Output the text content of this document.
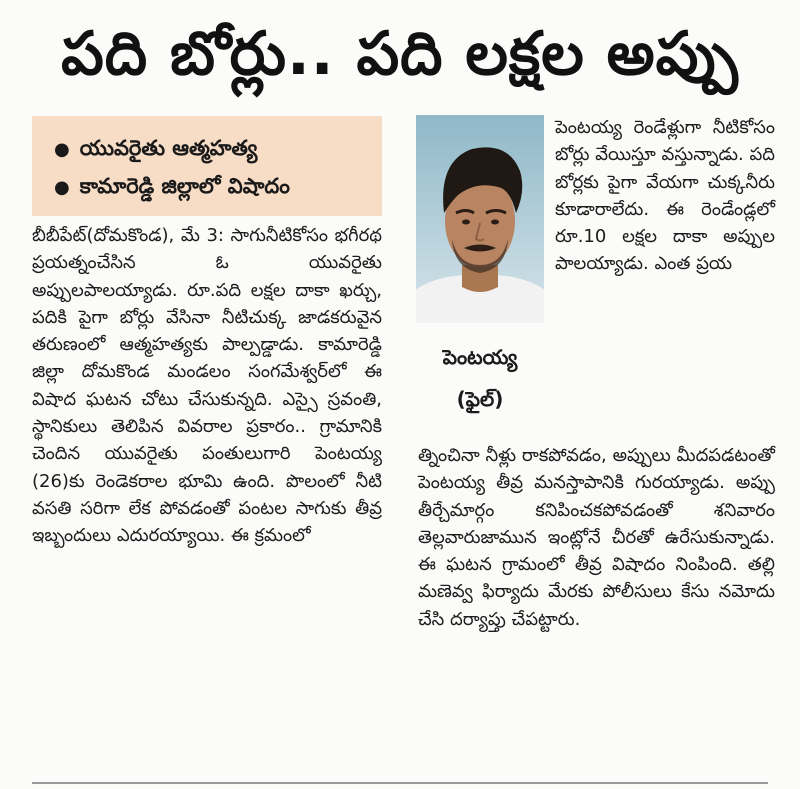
పది బోర్లు.. పది లక్షల అప్పు
● యువరైతు ఆత్మహత్య
● కామారెడ్డి జిల్లాలో విషాదం
బీబీపేట్(దోమకొండ), మే 3: సాగునీటికోసం భగీరథ ప్రయత్నంచేసిన ఓ యువరైతు అప్పులపాలయ్యాడు. రూ.పది లక్షల దాకా ఖర్చు, పదికి పైగా బోర్లు వేసినా నీటిచుక్క జాడకరువైన తరుణంలో ఆత్మహత్యకు పాల్పడ్డాడు. కామారెడ్డి జిల్లా దోమకొండ మండలం సంగమేశ్వర్‌లో ఈ విషాద ఘటన చోటు చేసుకున్నది. ఎస్సై స్రవంతి, స్థానికులు తెలిపిన వివరాల ప్రకారం.. గ్రామానికి చెందిన యువరైతు పంతులుగారి పెంటయ్య (26)కు రెండెకరాల భూమి ఉంది. పొలంలో నీటి వసతి సరిగా లేక పోవడంతో పంటల సాగుకు తీవ్ర ఇబ్బందులు ఎదురయ్యాయి. ఈ క్రమంలో
పెంటయ్య
(ఫైల్)
పెంటయ్య రెండేళ్లుగా నీటికోసం బోర్లు వేయిస్తూ వస్తున్నాడు. పది బోర్లకు పైగా వేయగా చుక్కనీరు కూడారాలేదు. ఈ రెండేండ్లలో రూ.10 లక్షల దాకా అప్పుల పాలయ్యాడు. ఎంత ప్రయ
త్నించినా నీళ్లు రాకపోవడం, అప్పులు మీదపడటంతో పెంటయ్య తీవ్ర మనస్తాపానికి గురయ్యాడు. అప్పు తీర్చేమార్గం కనిపించకపోవడంతో శనివారం తెల్లవారుజామున ఇంట్లోనే చీరతో ఉరేసుకున్నాడు. ఈ ఘటన గ్రామంలో తీవ్ర విషాదం నింపింది. తల్లి మణెవ్వ ఫిర్యాదు మేరకు పోలీసులు కేసు నమోదు చేసి దర్యాప్తు చేపట్టారు.
